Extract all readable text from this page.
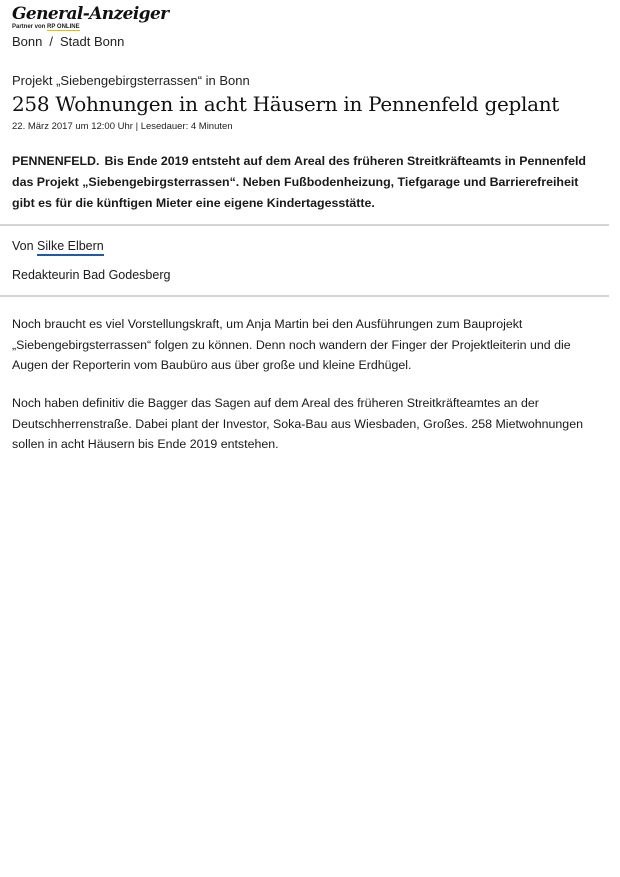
General-Anzeiger
Partner von RP ONLINE
Bonn / Stadt Bonn
Projekt „Siebengebirgsterrassen“ in Bonn
258 Wohnungen in acht Häusern in Pennenfeld geplant
22. März 2017 um 12:00 Uhr | Lesedauer: 4 Minuten

PENNENFELD. Bis Ende 2019 entsteht auf dem Areal des früheren Streitkräfteamts in Pennenfeld das Projekt „Siebengebirgsterrassen“. Neben Fußbodenheizung, Tiefgarage und Barrierefreiheit gibt es für die künftigen Mieter eine eigene Kindertagesstätte.

Von Silke Elbern
Redakteurin Bad Godesberg

Noch braucht es viel Vorstellungskraft, um Anja Martin bei den Ausführungen zum Bauprojekt „Siebengebirgsterrassen“ folgen zu können. Denn noch wandern der Finger der Projektleiterin und die Augen der Reporterin vom Baubüro aus über große und kleine Erdhügel.

Noch haben definitiv die Bagger das Sagen auf dem Areal des früheren Streitkräfteamtes an der Deutschherrenstraße. Dabei plant der Investor, Soka-Bau aus Wiesbaden, Großes. 258 Mietwohnungen sollen in acht Häusern bis Ende 2019 entstehen.
